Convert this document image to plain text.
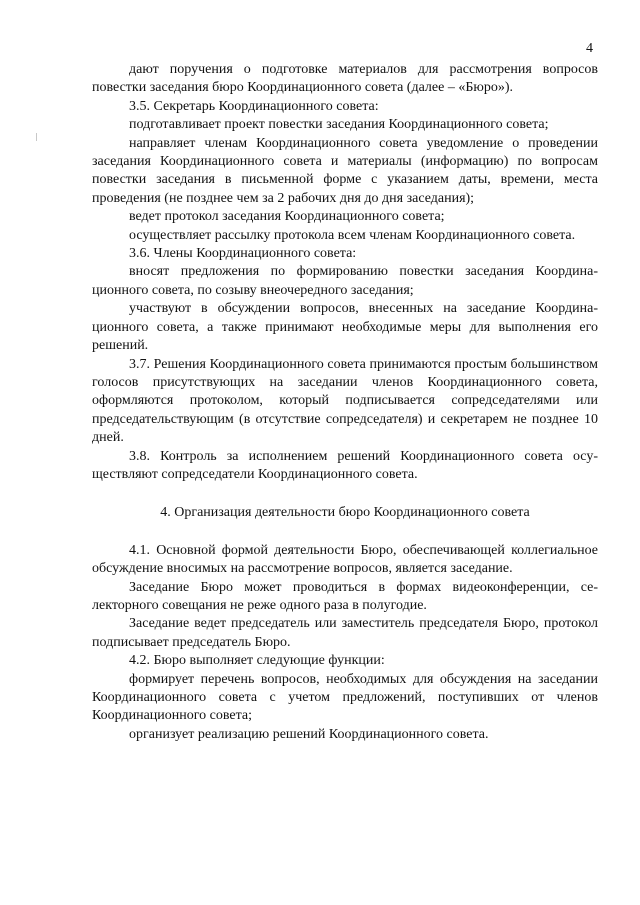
4

дают поручения о подготовке материалов для рассмотрения вопросов повестки заседания бюро Координационного совета (далее – «Бюро»).

3.5. Секретарь Координационного совета:

подготавливает проект повестки заседания Координационного совета;

направляет членам Координационного совета уведомление о проведении заседания Координационного совета и материалы (информацию) по вопросам повестки заседания в письменной форме с указанием даты, времени, места проведения (не позднее чем за 2 рабочих дня до дня заседания);

ведет протокол заседания Координационного совета;

осуществляет рассылку протокола всем членам Координационного совета.

3.6. Члены Координационного совета:

вносят предложения по формированию повестки заседания Координационного совета, по созыву внеочередного заседания;

участвуют в обсуждении вопросов, внесенных на заседание Координационного совета, а также принимают необходимые меры для выполнения его решений.

3.7. Решения Координационного совета принимаются простым большинством голосов присутствующих на заседании членов Координационного совета, оформляются протоколом, который подписывается сопредседателями или председательствующим (в отсутствие сопредседателя) и секретарем не позднее 10 дней.

3.8. Контроль за исполнением решений Координационного совета осуществляют сопредседатели Координационного совета.

4. Организация деятельности бюро Координационного совета

4.1. Основной формой деятельности Бюро, обеспечивающей коллегиальное обсуждение вносимых на рассмотрение вопросов, является заседание.

Заседание Бюро может проводиться в формах видеоконференции, селекторного совещания не реже одного раза в полугодие.

Заседание ведет председатель или заместитель председателя Бюро, протокол подписывает председатель Бюро.

4.2. Бюро выполняет следующие функции:

формирует перечень вопросов, необходимых для обсуждения на заседании Координационного совета с учетом предложений, поступивших от членов Координационного совета;

организует реализацию решений Координационного совета.
